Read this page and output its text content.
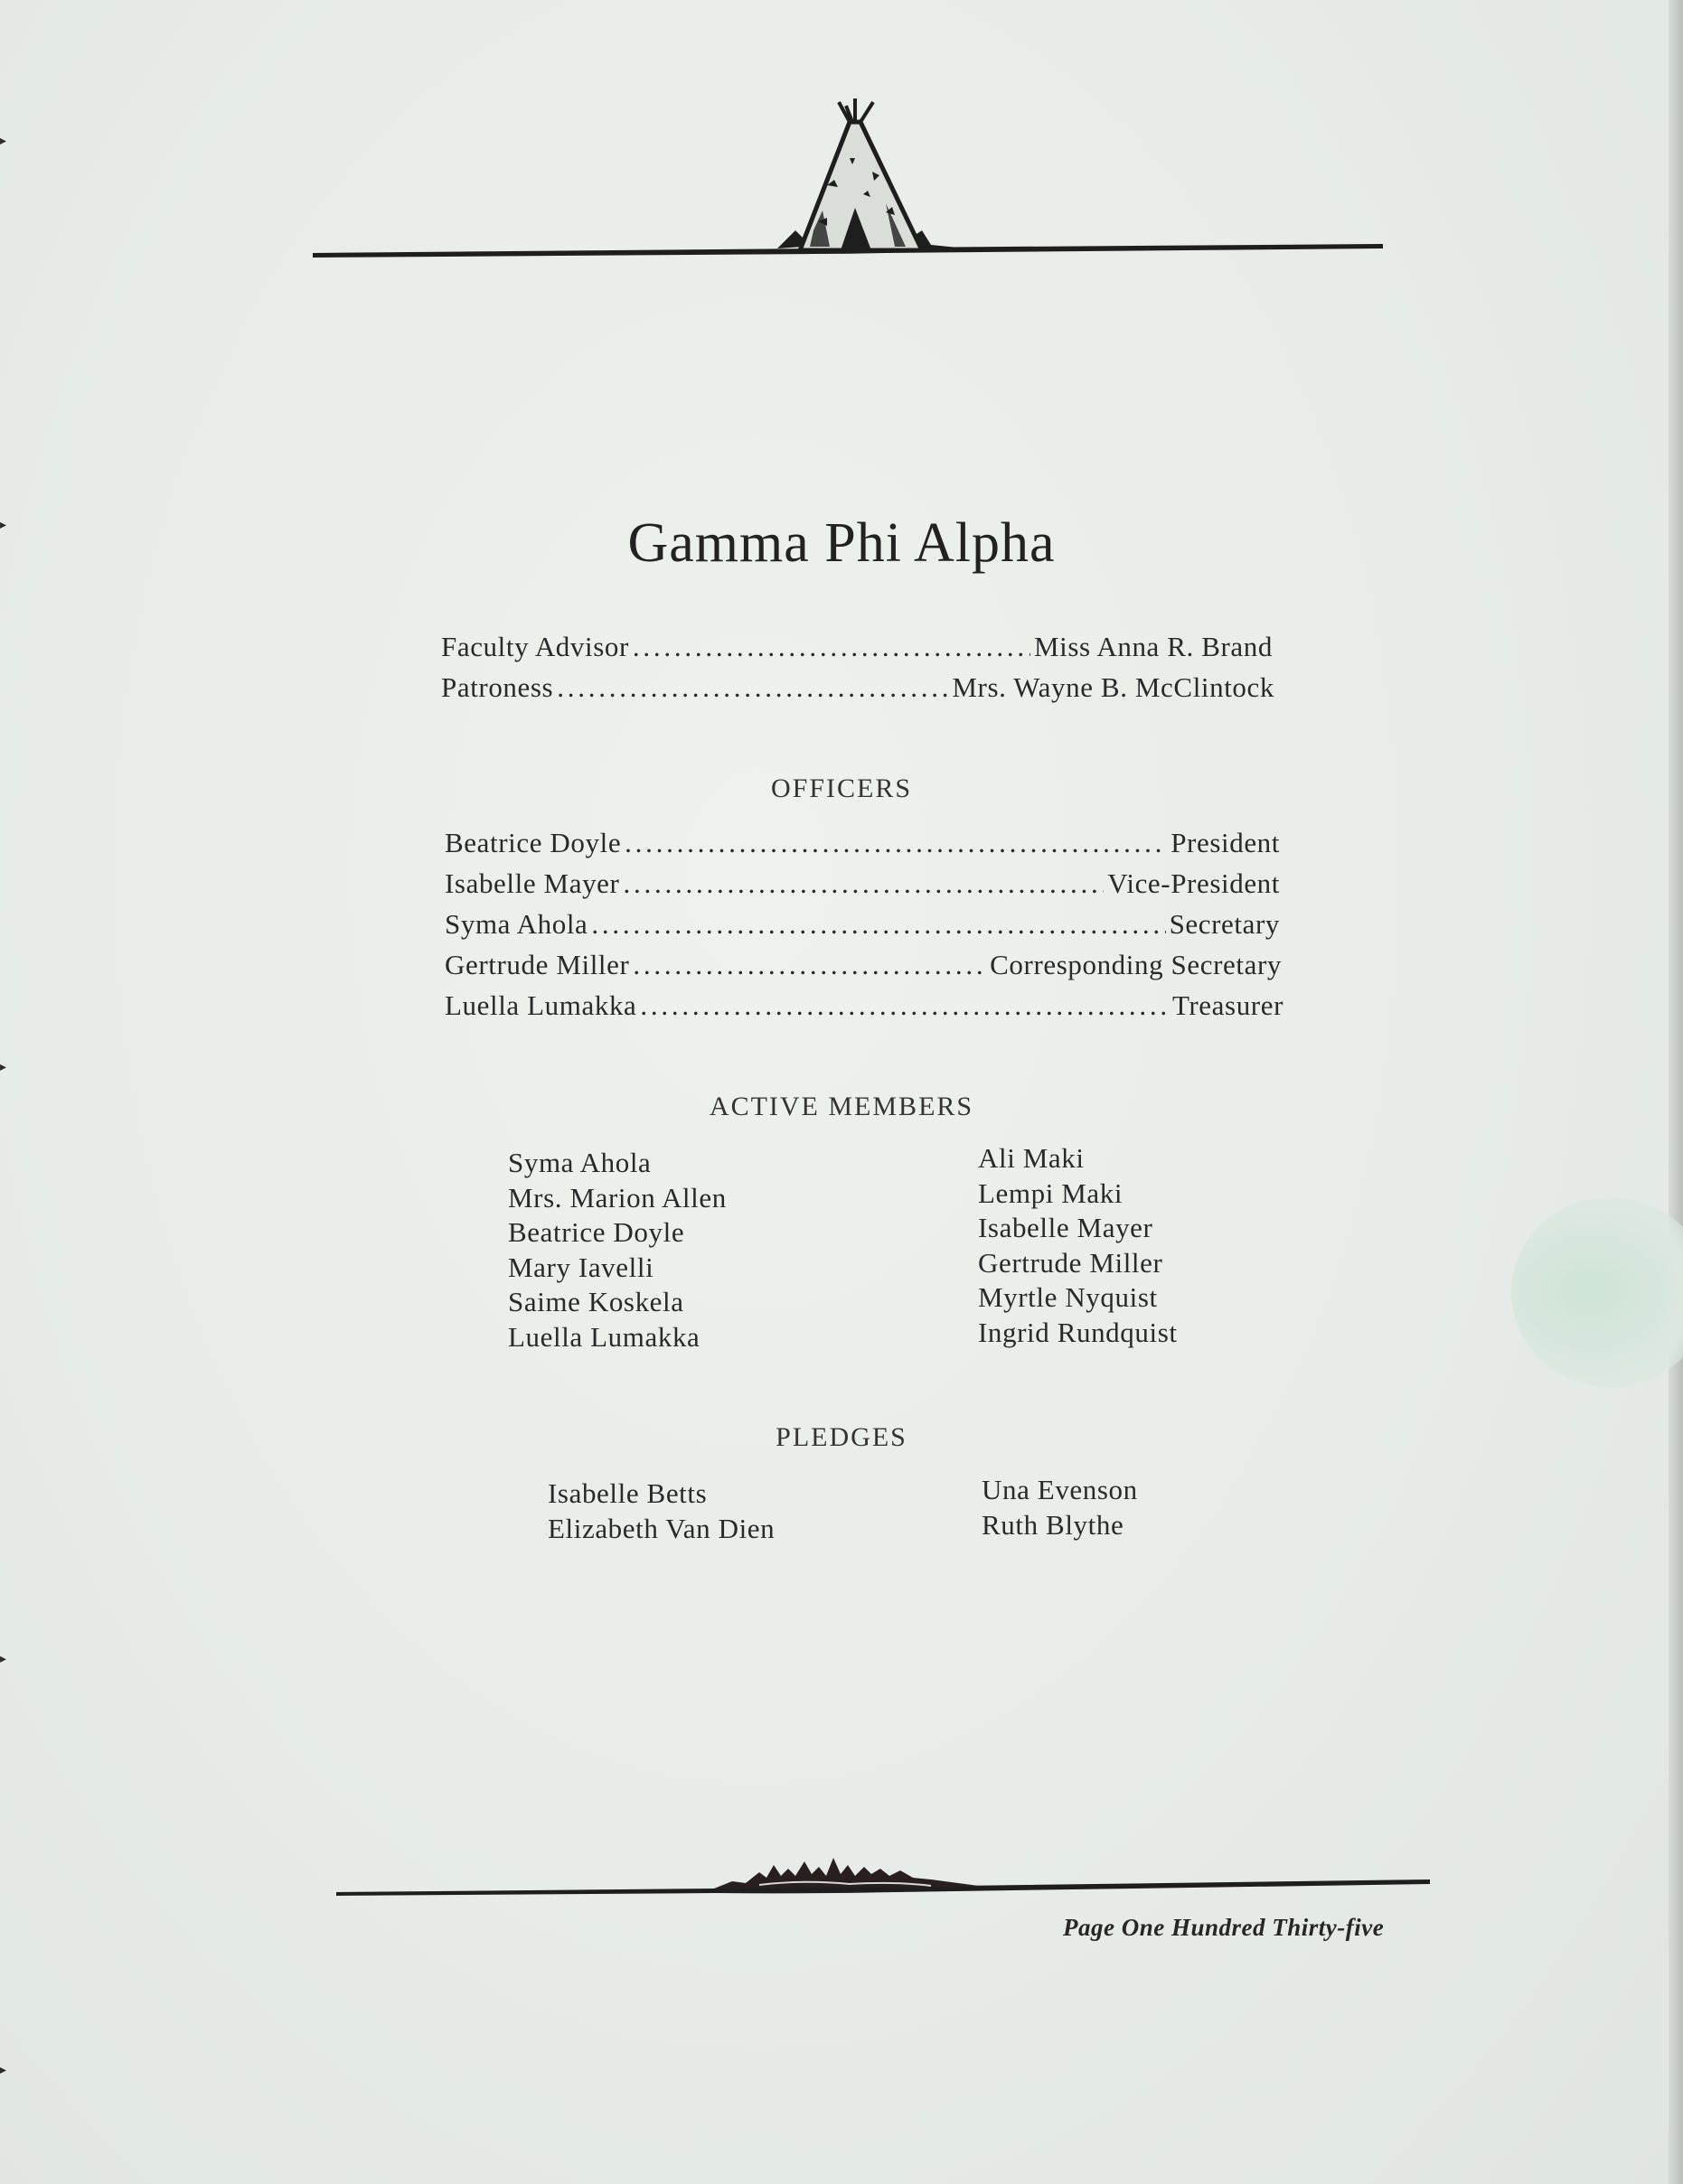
▸
▸
▸
▸
▸
Gamma Phi Alpha
Faculty Advisor . . .	Miss Anna R. Brand
Patroness . . .	Mrs. Wayne B. McClintock
OFFICERS
Beatrice Doyle . . .	President
Isabelle Mayer . . .	Vice-President
Syma Ahola . . .	Secretary
Gertrude Miller . . .	Corresponding Secretary
Luella Lumakka . . .	Treasurer
ACTIVE MEMBERS
Syma Ahola
Mrs. Marion Allen
Beatrice Doyle
Mary Iavelli
Saime Koskela
Luella Lumakka
Ali Maki
Lempi Maki
Isabelle Mayer
Gertrude Miller
Myrtle Nyquist
Ingrid Rundquist
PLEDGES
Isabelle Betts
Elizabeth Van Dien
Una Evenson
Ruth Blythe
Page One Hundred Thirty-five
